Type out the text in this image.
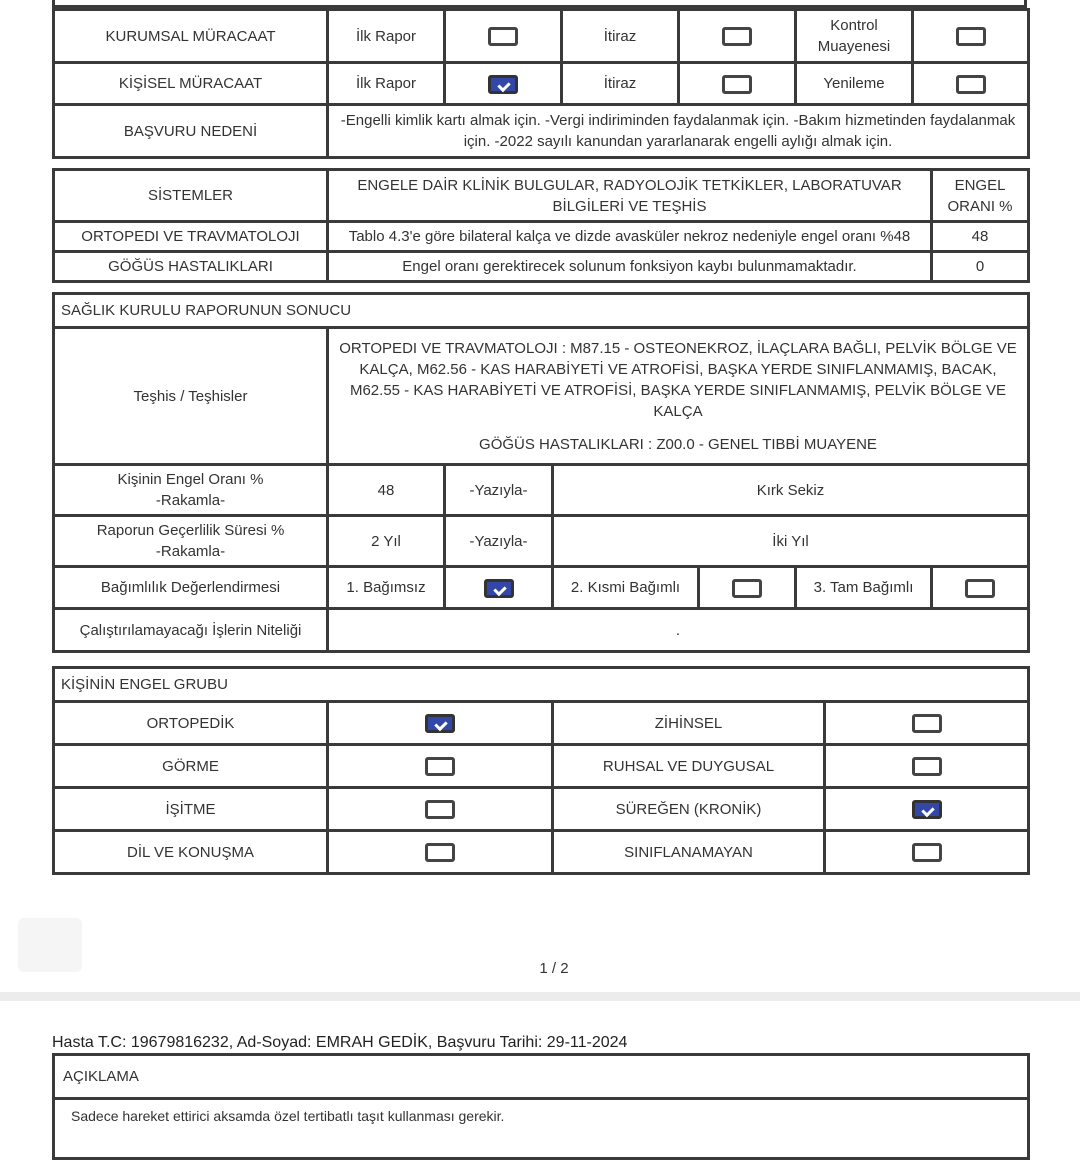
KURUMSAL MÜRACAAT	İlk Rapor		İtiraz		Kontrol Muayenesi	
KİŞİSEL MÜRACAAT	İlk Rapor		İtiraz		Yenileme	
BAŞVURU NEDENİ	-Engelli kimlik kartı almak için. -Vergi indiriminden faydalanmak için. -Bakım hizmetinden faydalanmak için. -2022 sayılı kanundan yararlanarak engelli aylığı almak için.					
SİSTEMLER	ENGELE DAİR KLİNİK BULGULAR, RADYOLOJİK TETKİKLER, LABORATUVAR BİLGİLERİ VE TEŞHİS	ENGEL ORANI %
ORTOPEDI VE TRAVMATOLOJI	Tablo 4.3'e göre bilateral kalça ve dizde avasküler nekroz nedeniyle engel oranı %48	48
GÖĞÜS HASTALIKLARI	Engel oranı gerektirecek solunum fonksiyon kaybı bulunmamaktadır.	0
SAĞLIK KURULU RAPORUNUN SONUCU						
Teşhis / Teşhisler	ORTOPEDI VE TRAVMATOLOJI : M87.15 - OSTEONEKROZ, İLAÇLARA BAĞLI, PELVİK BÖLGE VE KALÇA, M62.56 - KAS HARABİYETİ VE ATROFİSİ, BAŞKA YERDE SINIFLANMAMIŞ, BACAK, M62.55 - KAS HARABİYETİ VE ATROFİSİ, BAŞKA YERDE SINIFLANMAMIŞ, PELVİK BÖLGE VE KALÇA
GÖĞÜS HASTALIKLARI : Z00.0 - GENEL TIBBİ MUAYENE					

Kişinin Engel Oranı %
-Rakamla-	48	-Yazıyla-	Kırk Sekiz			

Raporun Geçerlilik Süresi %
-Rakamla-	2 Yıl	-Yazıyla-	İki Yıl			
Bağımlılık Değerlendirmesi	1. Bağımsız		2. Kısmi Bağımlı		3. Tam Bağımlı	
Çalıştırılamayacağı İşlerin Niteliği	.					
KİŞİNİN ENGEL GRUBU			
ORTOPEDİK		ZİHİNSEL	
GÖRME		RUHSAL VE DUYGUSAL	
İŞİTME		SÜREĞEN (KRONİK)	
DİL VE KONUŞMA		SINIFLANAMAYAN	
1 / 2
Hasta T.C: 19679816232, Ad-Soyad: EMRAH GEDİK, Başvuru Tarihi: 29-11-2024
AÇIKLAMA
Sadece hareket ettirici aksamda özel tertibatlı taşıt kullanması gerekir.
